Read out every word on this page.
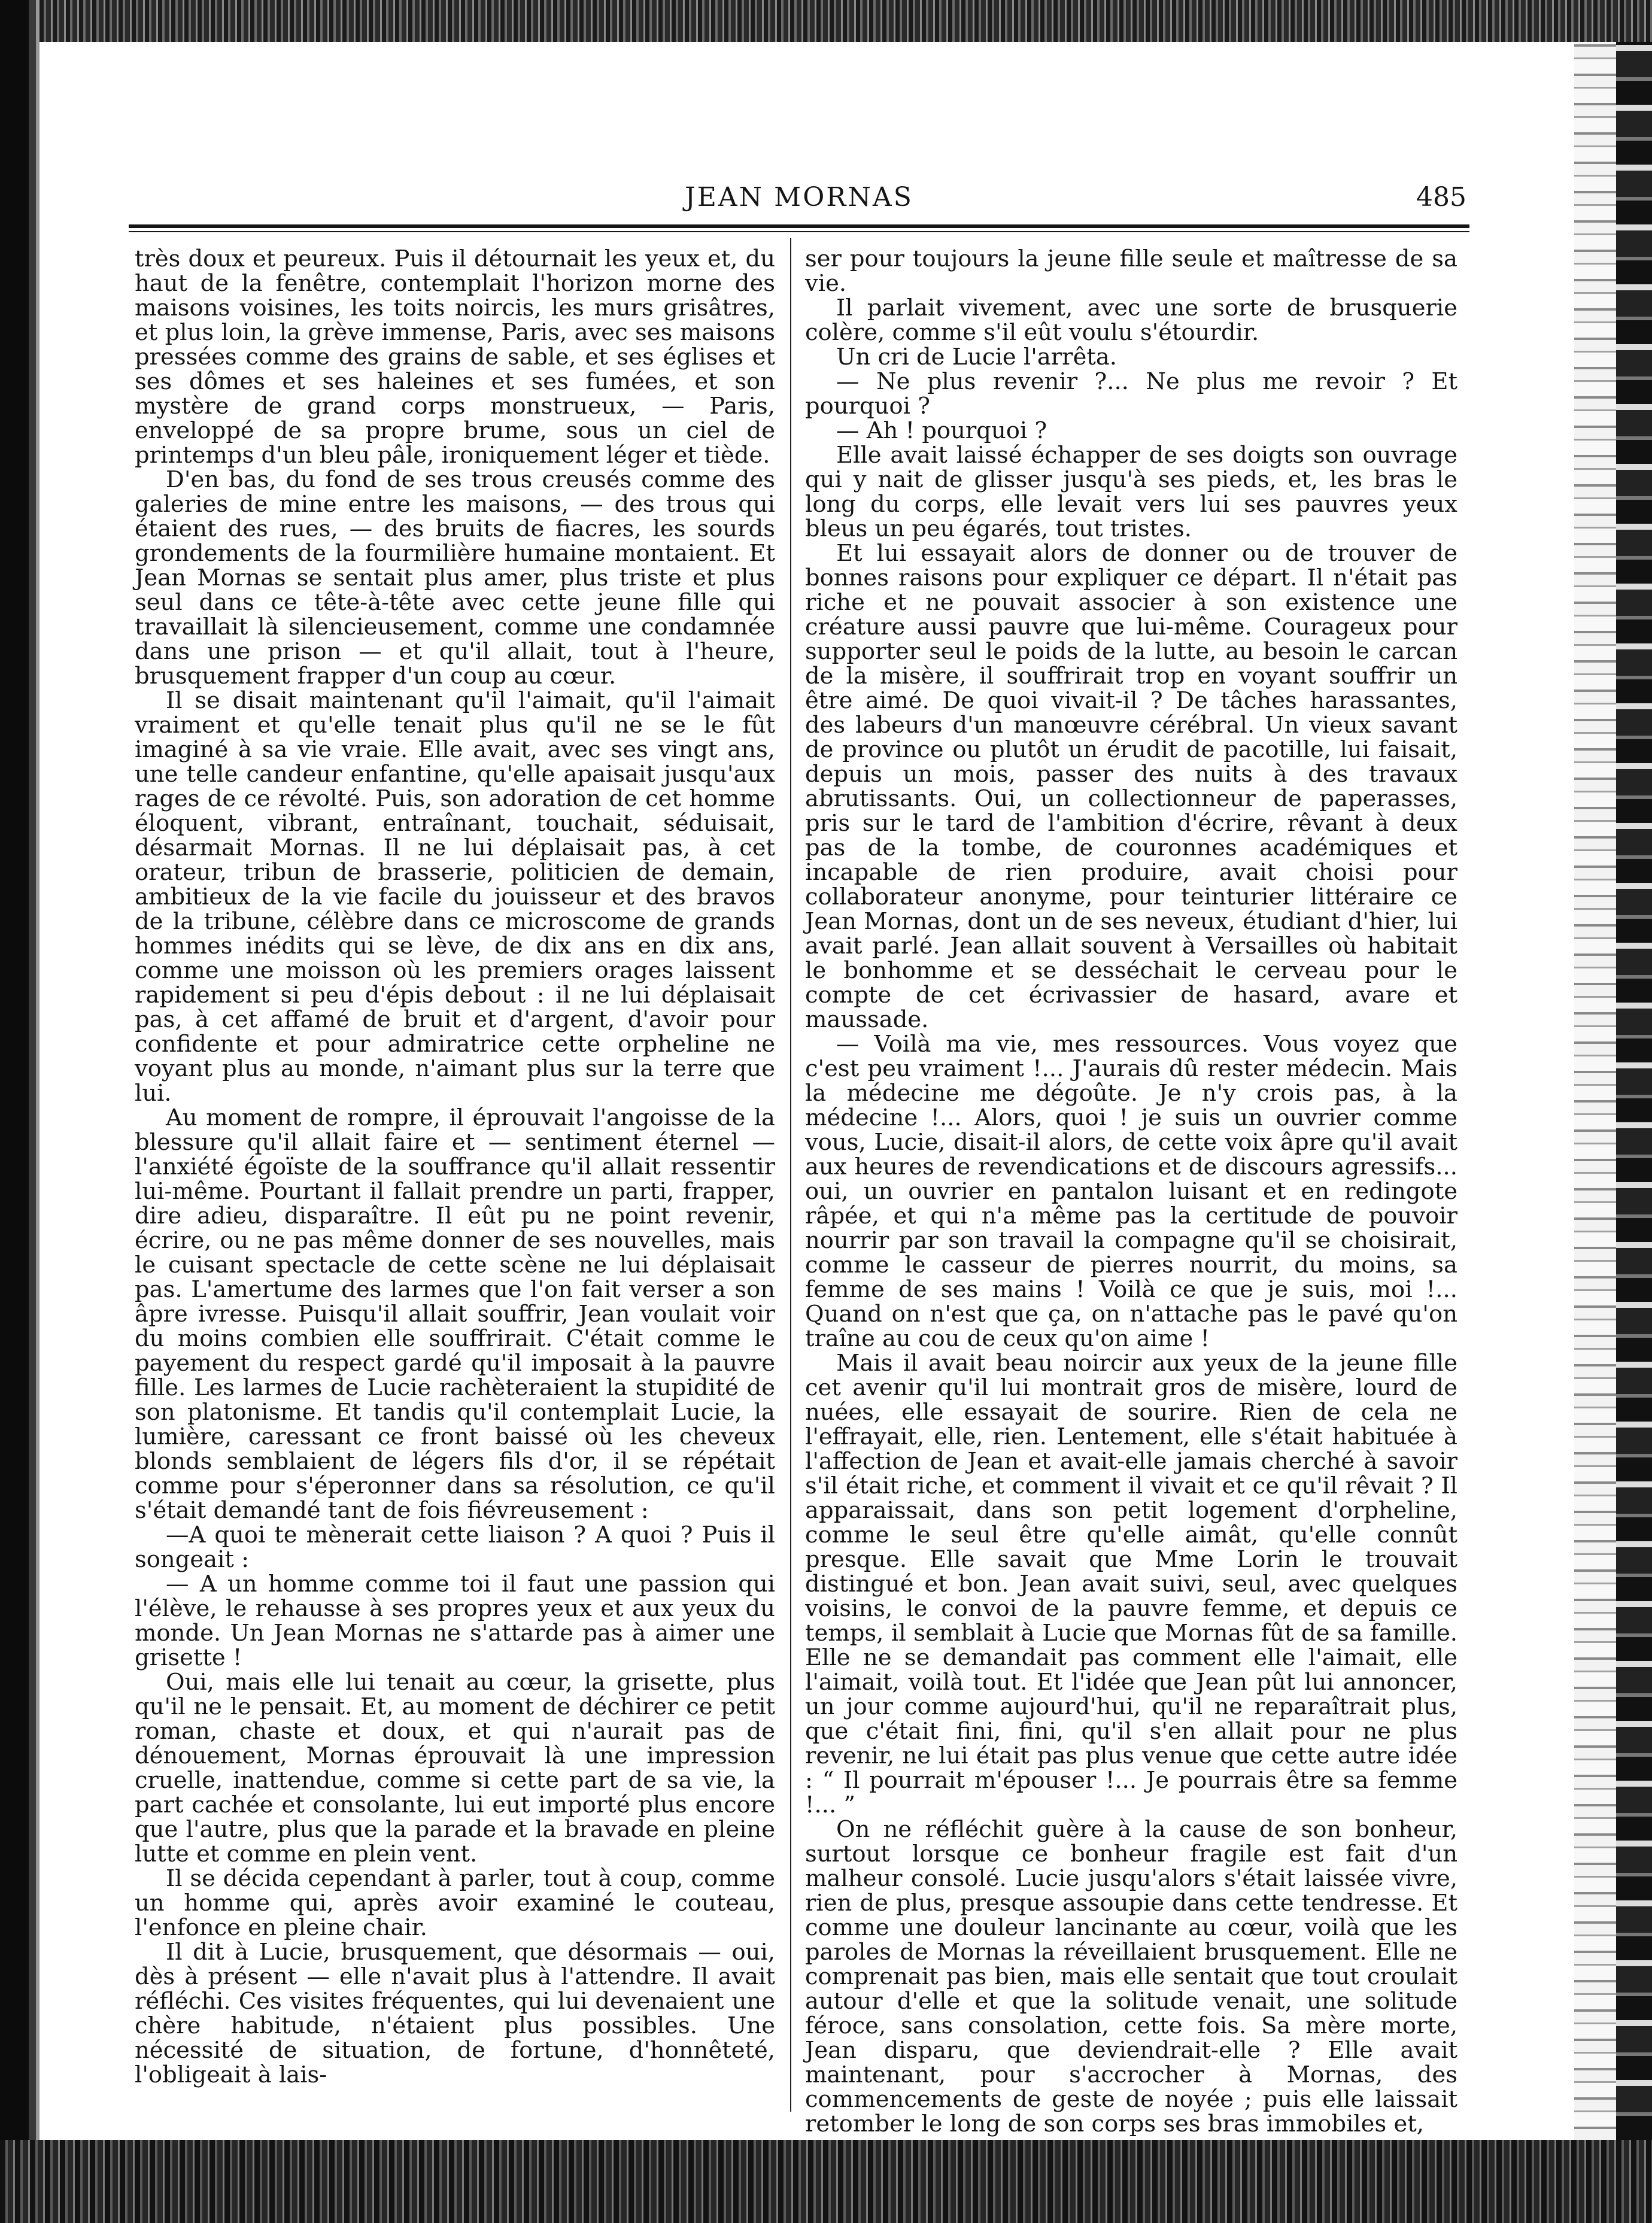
JEAN MORNAS	485

très doux et peureux. Puis il détournait les yeux et, du haut de la fenêtre, contemplait l'horizon morne des maisons voisines, les toits noircis, les murs grisâtres, et plus loin, la grève immense, Paris, avec ses maisons pressées comme des grains de sable, et ses églises et ses dômes et ses haleines et ses fumées, et son mystère de grand corps monstrueux, — Paris, enveloppé de sa propre brume, sous un ciel de printemps d'un bleu pâle, ironiquement léger et tiède.

D'en bas, du fond de ses trous creusés comme des galeries de mine entre les maisons, — des trous qui étaient des rues, — des bruits de fiacres, les sourds grondements de la fourmilière humaine montaient. Et Jean Mornas se sentait plus amer, plus triste et plus seul dans ce tête-à-tête avec cette jeune fille qui travaillait là silencieusement, comme une condamnée dans une prison — et qu'il allait, tout à l'heure, brusquement frapper d'un coup au cœur.

Il se disait maintenant qu'il l'aimait, qu'il l'aimait vraiment et qu'elle tenait plus qu'il ne se le fût imaginé à sa vie vraie. Elle avait, avec ses vingt ans, une telle candeur enfantine, qu'elle apaisait jusqu'aux rages de ce révolté. Puis, son adoration de cet homme éloquent, vibrant, entraînant, touchait, séduisait, désarmait Mornas. Il ne lui déplaisait pas, à cet orateur, tribun de brasserie, politicien de demain, ambitieux de la vie facile du jouisseur et des bravos de la tribune, célèbre dans ce microscome de grands hommes inédits qui se lève, de dix ans en dix ans, comme une moisson où les premiers orages laissent rapidement si peu d'épis debout : il ne lui déplaisait pas, à cet affamé de bruit et d'argent, d'avoir pour confidente et pour admiratrice cette orpheline ne voyant plus au monde, n'aimant plus sur la terre que lui.

Au moment de rompre, il éprouvait l'angoisse de la blessure qu'il allait faire et — sentiment éternel — l'anxiété égoïste de la souffrance qu'il allait ressentir lui-même. Pourtant il fallait prendre un parti, frapper, dire adieu, disparaître. Il eût pu ne point revenir, écrire, ou ne pas même donner de ses nouvelles, mais le cuisant spectacle de cette scène ne lui déplaisait pas. L'amertume des larmes que l'on fait verser a son âpre ivresse. Puisqu'il allait souffrir, Jean voulait voir du moins combien elle souffrirait. C'était comme le payement du respect gardé qu'il imposait à la pauvre fille. Les larmes de Lucie rachèteraient la stupidité de son platonisme. Et tandis qu'il contemplait Lucie, la lumière, caressant ce front baissé où les cheveux blonds semblaient de légers fils d'or, il se répétait comme pour s'éperonner dans sa résolution, ce qu'il s'était demandé tant de fois fiévreusement :

—A quoi te mènerait cette liaison ? A quoi ? Puis il songeait :

— A un homme comme toi il faut une passion qui l'élève, le rehausse à ses propres yeux et aux yeux du monde. Un Jean Mornas ne s'attarde pas à aimer une grisette !

Oui, mais elle lui tenait au cœur, la grisette, plus qu'il ne le pensait. Et, au moment de déchirer ce petit roman, chaste et doux, et qui n'aurait pas de dénouement, Mornas éprouvait là une impression cruelle, inattendue, comme si cette part de sa vie, la part cachée et consolante, lui eut importé plus encore que l'autre, plus que la parade et la bravade en pleine lutte et comme en plein vent.

Il se décida cependant à parler, tout à coup, comme un homme qui, après avoir examiné le couteau, l'enfonce en pleine chair.

Il dit à Lucie, brusquement, que désormais — oui, dès à présent — elle n'avait plus à l'attendre. Il avait réfléchi. Ces visites fréquentes, qui lui devenaient une chère habitude, n'étaient plus possibles. Une nécessité de situation, de fortune, d'honnêteté, l'obligeait à lais-

ser pour toujours la jeune fille seule et maîtresse de sa vie.

Il parlait vivement, avec une sorte de brusquerie colère, comme s'il eût voulu s'étourdir.

Un cri de Lucie l'arrêta.

— Ne plus revenir ?... Ne plus me revoir ? Et pourquoi ?

— Ah ! pourquoi ?

Elle avait laissé échapper de ses doigts son ouvrage qui y nait de glisser jusqu'à ses pieds, et, les bras le long du corps, elle levait vers lui ses pauvres yeux bleus un peu égarés, tout tristes.

Et lui essayait alors de donner ou de trouver de bonnes raisons pour expliquer ce départ. Il n'était pas riche et ne pouvait associer à son existence une créature aussi pauvre que lui-même. Courageux pour supporter seul le poids de la lutte, au besoin le carcan de la misère, il souffrirait trop en voyant souffrir un être aimé. De quoi vivait-il ? De tâches harassantes, des labeurs d'un manœuvre cérébral. Un vieux savant de province ou plutôt un érudit de pacotille, lui faisait, depuis un mois, passer des nuits à des travaux abrutissants. Oui, un collectionneur de paperasses, pris sur le tard de l'ambition d'écrire, rêvant à deux pas de la tombe, de couronnes académiques et incapable de rien produire, avait choisi pour collaborateur anonyme, pour teinturier littéraire ce Jean Mornas, dont un de ses neveux, étudiant d'hier, lui avait parlé. Jean allait souvent à Versailles où habitait le bonhomme et se desséchait le cerveau pour le compte de cet écrivassier de hasard, avare et maussade.

— Voilà ma vie, mes ressources. Vous voyez que c'est peu vraiment !... J'aurais dû rester médecin. Mais la médecine me dégoûte. Je n'y crois pas, à la médecine !... Alors, quoi ! je suis un ouvrier comme vous, Lucie, disait-il alors, de cette voix âpre qu'il avait aux heures de revendications et de discours agressifs... oui, un ouvrier en pantalon luisant et en redingote râpée, et qui n'a même pas la certitude de pouvoir nourrir par son travail la compagne qu'il se choisirait, comme le casseur de pierres nourrit, du moins, sa femme de ses mains ! Voilà ce que je suis, moi !... Quand on n'est que ça, on n'attache pas le pavé qu'on traîne au cou de ceux qu'on aime !

Mais il avait beau noircir aux yeux de la jeune fille cet avenir qu'il lui montrait gros de misère, lourd de nuées, elle essayait de sourire. Rien de cela ne l'effrayait, elle, rien. Lentement, elle s'était habituée à l'affection de Jean et avait-elle jamais cherché à savoir s'il était riche, et comment il vivait et ce qu'il rêvait ? Il apparaissait, dans son petit logement d'orpheline, comme le seul être qu'elle aimât, qu'elle connût presque. Elle savait que Mme Lorin le trouvait distingué et bon. Jean avait suivi, seul, avec quelques voisins, le convoi de la pauvre femme, et depuis ce temps, il semblait à Lucie que Mornas fût de sa famille. Elle ne se demandait pas comment elle l'aimait, elle l'aimait, voilà tout. Et l'idée que Jean pût lui annoncer, un jour comme aujourd'hui, qu'il ne reparaîtrait plus, que c'était fini, fini, qu'il s'en allait pour ne plus revenir, ne lui était pas plus venue que cette autre idée : “ Il pourrait m'épouser !... Je pourrais être sa femme !... ”

On ne réfléchit guère à la cause de son bonheur, surtout lorsque ce bonheur fragile est fait d'un malheur consolé. Lucie jusqu'alors s'était laissée vivre, rien de plus, presque assoupie dans cette tendresse. Et comme une douleur lancinante au cœur, voilà que les paroles de Mornas la réveillaient brusquement. Elle ne comprenait pas bien, mais elle sentait que tout croulait autour d'elle et que la solitude venait, une solitude féroce, sans consolation, cette fois. Sa mère morte, Jean disparu, que deviendrait-elle ? Elle avait maintenant, pour s'accrocher à Mornas, des commencements de geste de noyée ; puis elle laissait retomber le long de son corps ses bras immobiles et,
